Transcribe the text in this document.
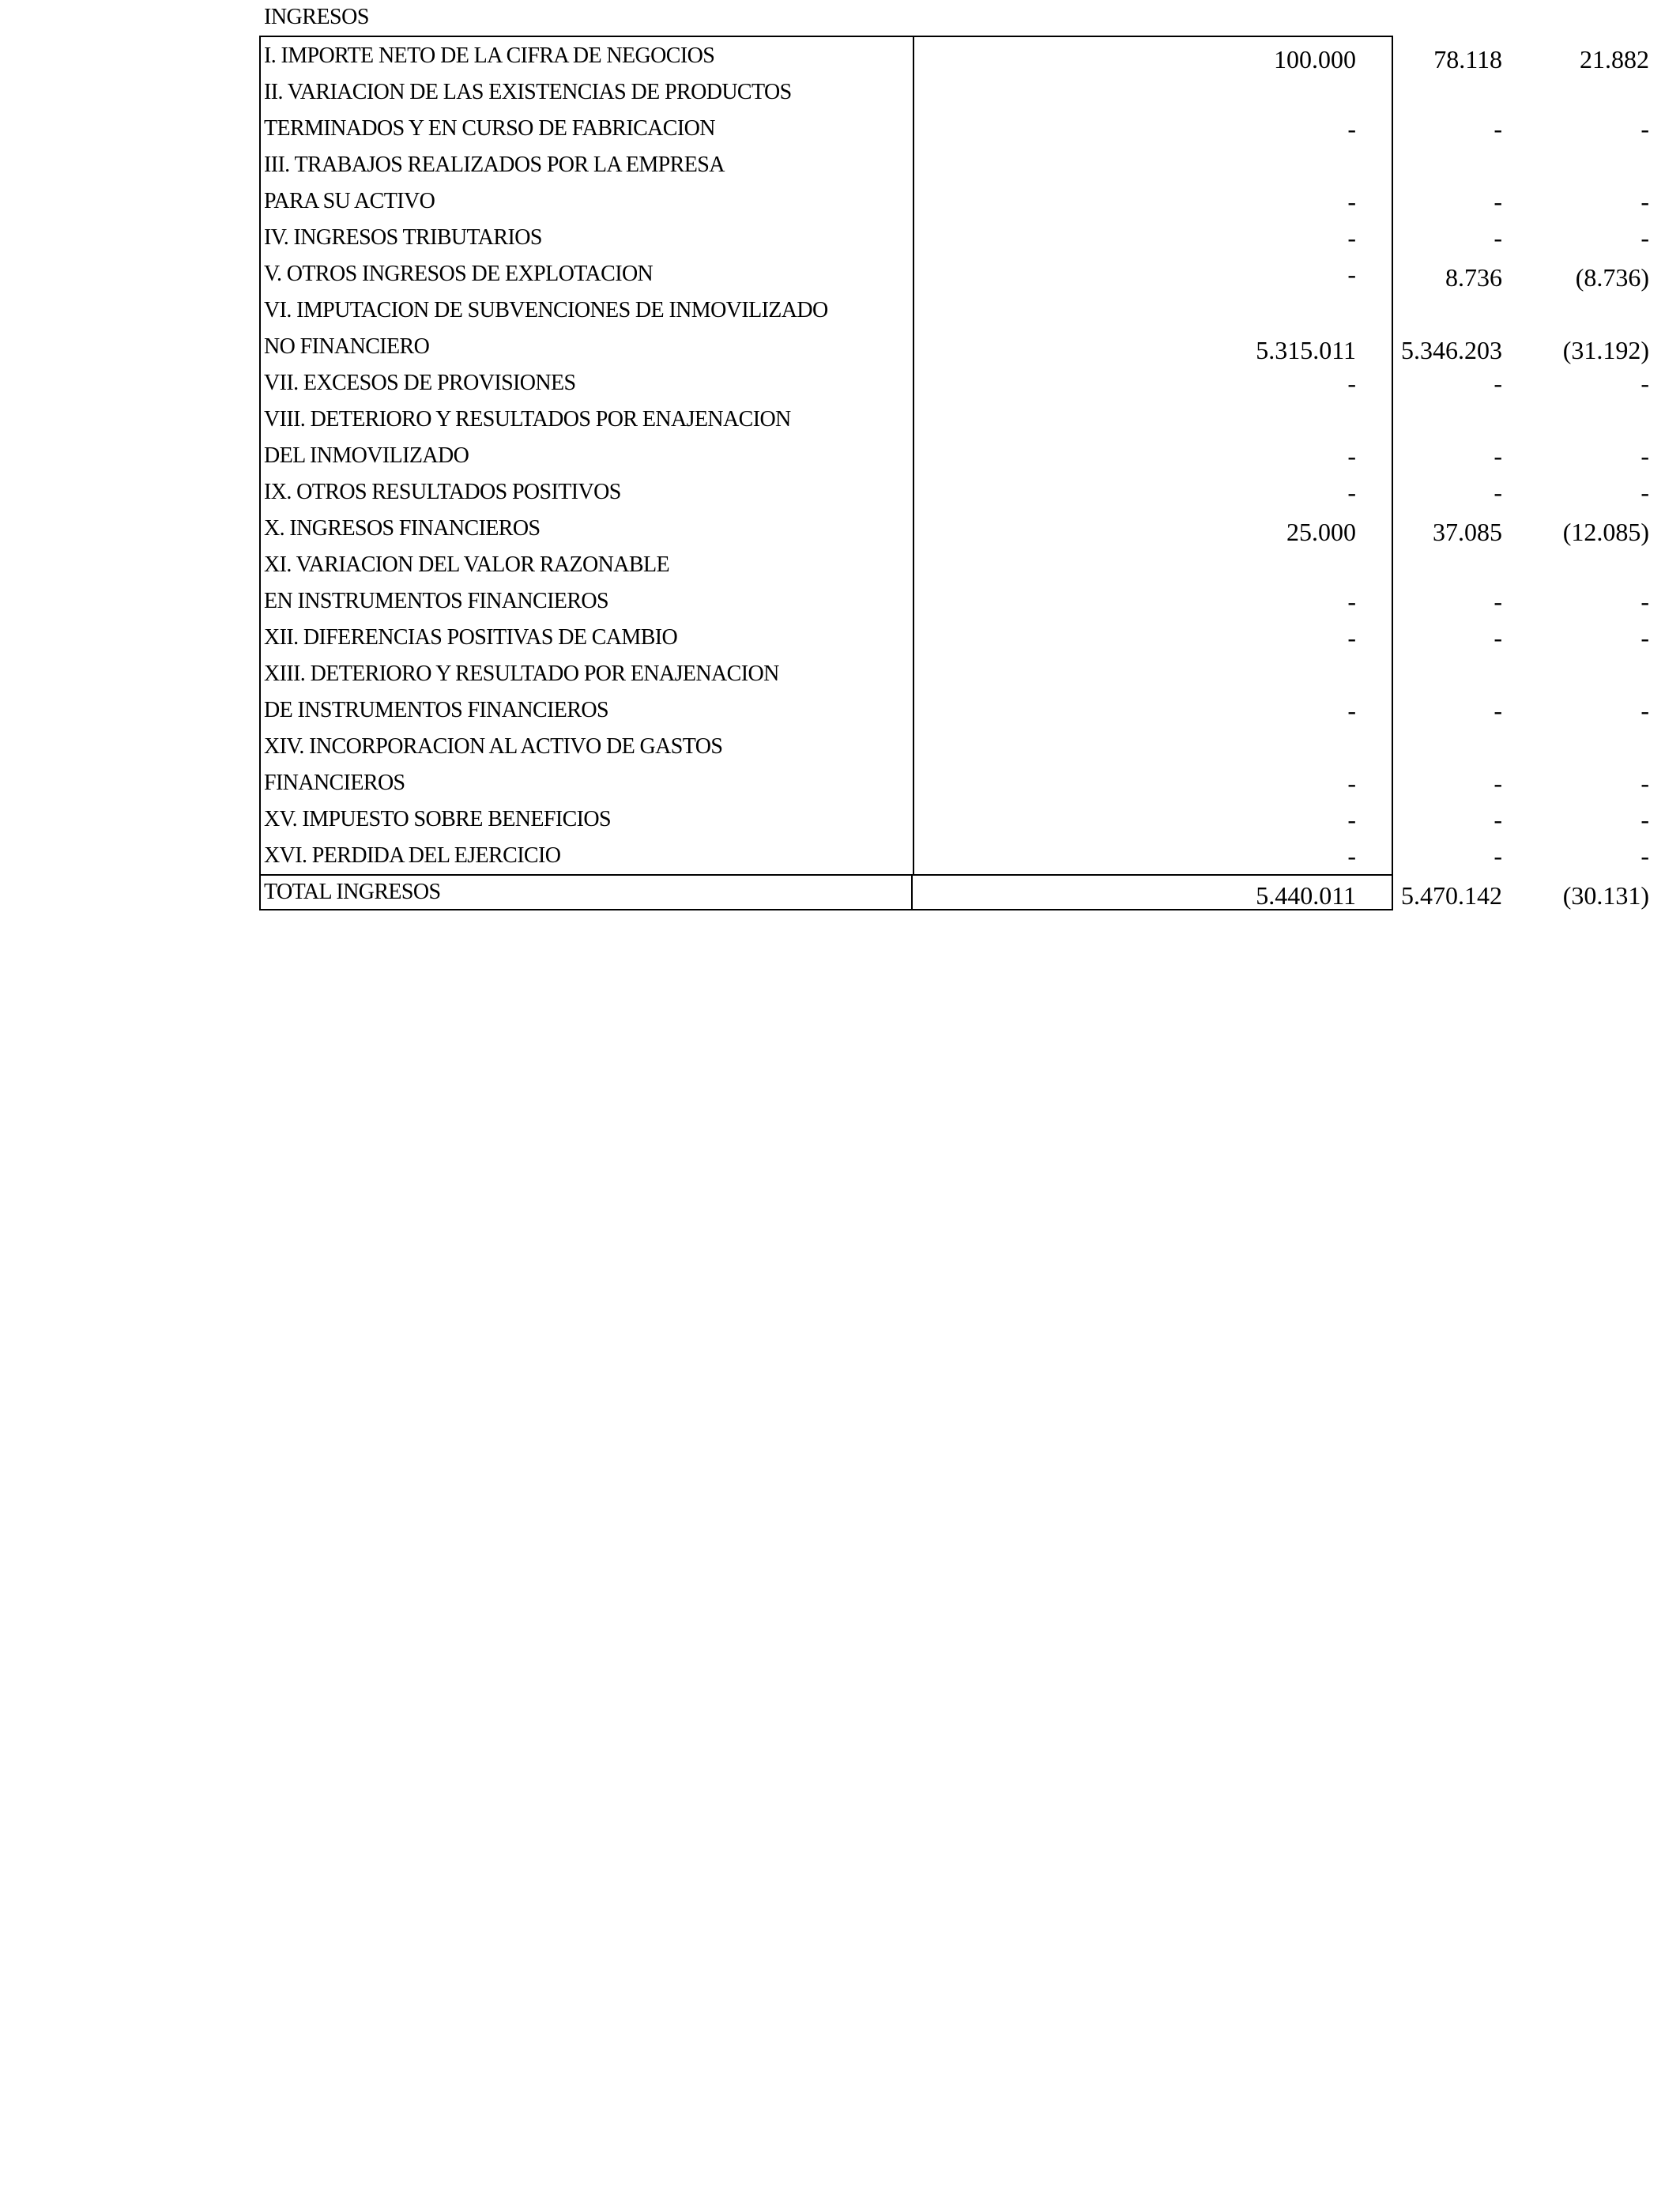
INGRESOS
I. IMPORTE NETO DE LA CIFRA DE NEGOCIOS	100.000	78.118	21.882
II. VARIACION DE LAS EXISTENCIAS DE PRODUCTOS
TERMINADOS Y EN CURSO DE FABRICACION	-	-	-
III. TRABAJOS REALIZADOS POR LA EMPRESA
PARA SU ACTIVO	-	-	-
IV. INGRESOS TRIBUTARIOS	-	-	-
V. OTROS INGRESOS DE EXPLOTACION	-	8.736	(8.736)
VI. IMPUTACION DE SUBVENCIONES DE INMOVILIZADO
NO FINANCIERO	5.315.011	5.346.203	(31.192)
VII. EXCESOS DE PROVISIONES	-	-	-
VIII. DETERIORO Y RESULTADOS POR ENAJENACION
DEL INMOVILIZADO	-	-	-
IX. OTROS RESULTADOS POSITIVOS	-	-	-
X. INGRESOS FINANCIEROS	25.000	37.085	(12.085)
XI. VARIACION DEL VALOR RAZONABLE
EN INSTRUMENTOS FINANCIEROS	-	-	-
XII. DIFERENCIAS POSITIVAS DE CAMBIO	-	-	-
XIII. DETERIORO Y RESULTADO POR ENAJENACION
DE INSTRUMENTOS FINANCIEROS	-	-	-
XIV. INCORPORACION AL ACTIVO DE GASTOS
FINANCIEROS	-	-	-
XV. IMPUESTO SOBRE BENEFICIOS	-	-	-
XVI. PERDIDA DEL EJERCICIO	-	-	-
TOTAL INGRESOS	5.440.011	5.470.142	(30.131)
